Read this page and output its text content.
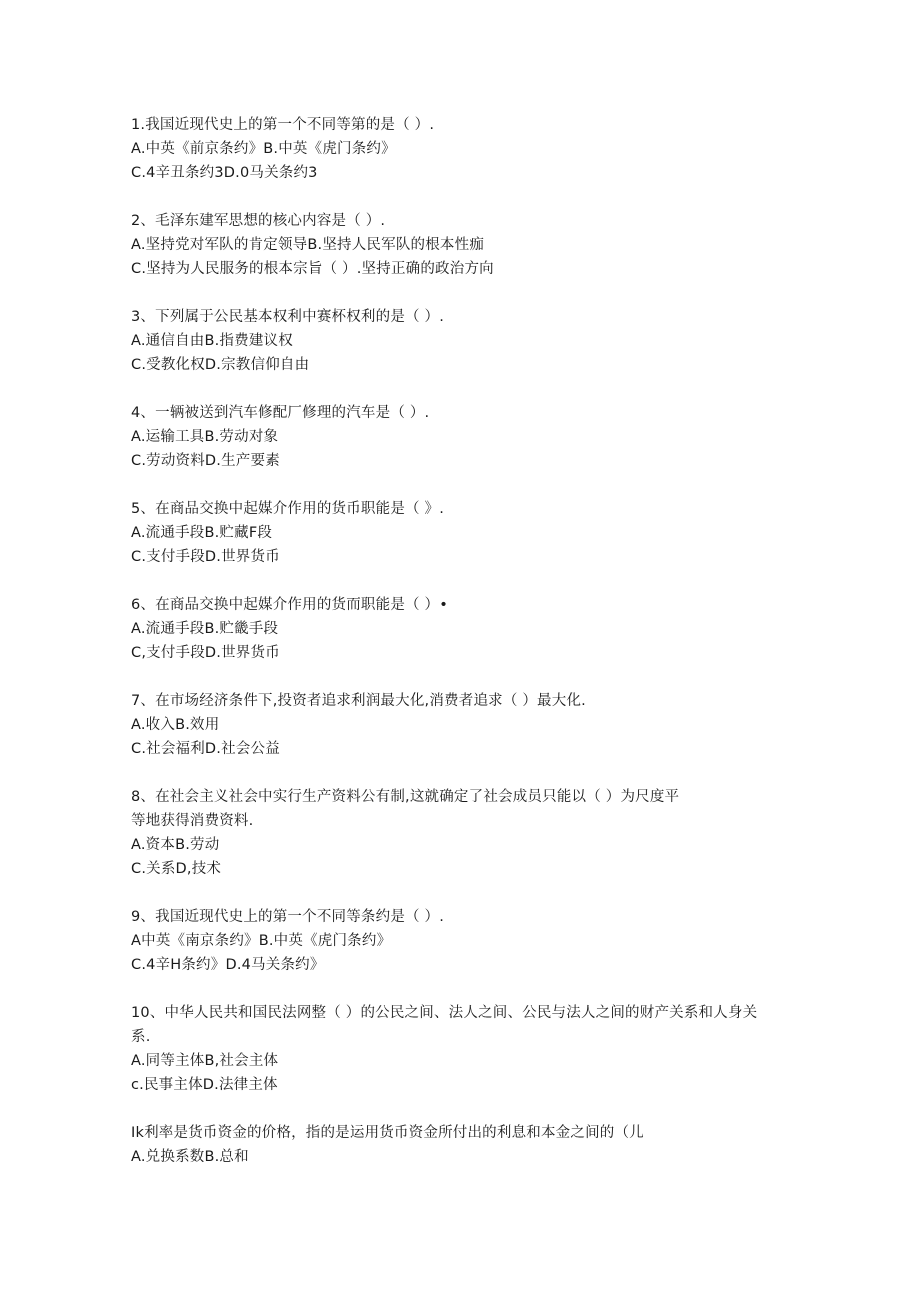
1.我国近现代史上的第一个不同等第的是（ ）.
A.中英《前京条约》B.中英《虎门条约》
C.4辛丑条约3D.0马关条约3
2、毛泽东建军思想的核心内容是（ ）.
A.坚持党对军队的肯定领导B.坚持人民军队的根本性痂
C.坚持为人民服务的根本宗旨（ ）.坚持正确的政治方向
3、下列属于公民基本权利中赛杯权利的是（ ）.
A.通信自由B.指费建议权
C.受教化权D.宗教信仰自由
4、一辆被送到汽车修配厂修理的汽车是（ ）.
A.运输工具B.劳动对象
C.劳动资料D.生产要素
5、在商品交换中起媒介作用的货币职能是（ 》.
A.流通手段B.贮藏F段
C.支付手段D.世界货币
6、在商品交换中起媒介作用的货而职能是（ ）•
A.流通手段B.贮畿手段
C,支付手段D.世界货币
7、在市场经济条件下,投资者追求利润最大化,消费者追求（ ）最大化.
A.收入B.效用
C.社会福利D.社会公益
8、在社会主义社会中实行生产资料公有制,这就确定了社会成员只能以（ ）为尺度平
等地获得消费资料.
A.资本B.劳动
C.关系D,技术
9、我国近现代史上的第一个不同等条约是（ ）.
A中英《南京条约》B.中英《虎门条约》
C.4辛H条约》D.4马关条约》
10、中华人民共和国民法网整（ ）的公民之间、法人之间、公民与法人之间的财产关系和人身关
系.
A.同等主体B,社会主体
c.民事主体D.法律主体
Ik利率是货币资金的价格，指的是运用货币资金所付出的利息和本金之间的（儿
A.兑换系数B.总和
